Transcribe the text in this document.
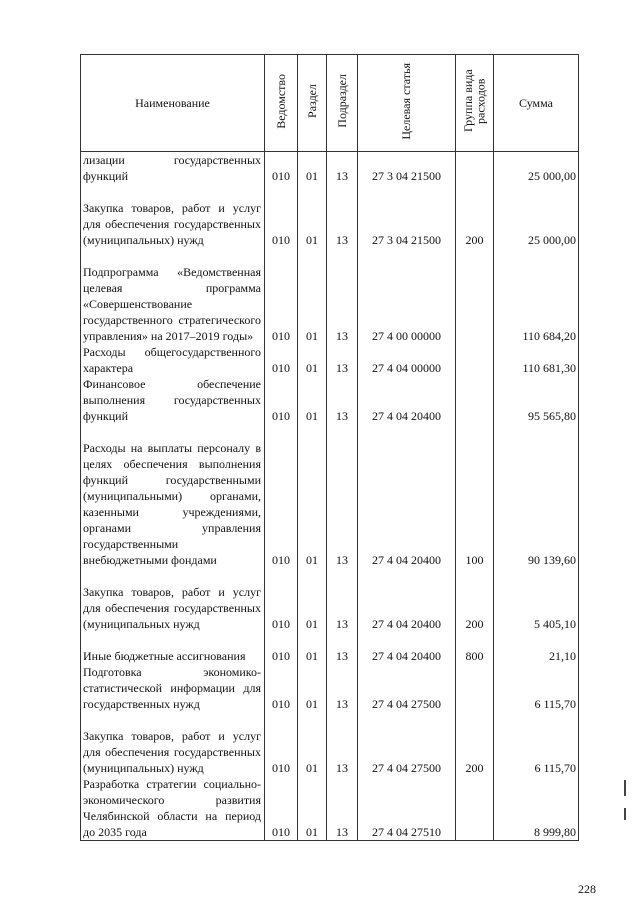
Наименование	Ведомство	Раздел	Подраздел	Целевая статья	Группа вида расходов	Сумма
лизации государственных функций	010	01	13	27 3 04 21500		25 000,00
Закупка товаров, работ и услуг для обеспечения государственных (муниципальных) нужд	010	01	13	27 3 04 21500	200	25 000,00
Подпрограмма «Ведомственная целевая программа «Совершенствование государственного стратегического управления» на 2017–2019 годы»	010	01	13	27 4 00 00000		110 684,20
Расходы общегосударственного характера	010	01	13	27 4 04 00000		110 681,30
Финансовое обеспечение выполнения государственных функций	010	01	13	27 4 04 20400		95 565,80
Расходы на выплаты персоналу в целях обеспечения выполнения функций государственными (муниципальными) органами, казенными учреждениями, органами управления государственными внебюджетными фондами	010	01	13	27 4 04 20400	100	90 139,60
Закупка товаров, работ и услуг для обеспечения государственных (муниципальных нужд	010	01	13	27 4 04 20400	200	5 405,10
Иные бюджетные ассигнования	010	01	13	27 4 04 20400	800	21,10
Подготовка экономико-статистической информации для государственных нужд	010	01	13	27 4 04 27500		6 115,70
Закупка товаров, работ и услуг для обеспечения государственных (муниципальных) нужд	010	01	13	27 4 04 27500	200	6 115,70
Разработка стратегии социально-экономического развития Челябинской области на период до 2035 года	010	01	13	27 4 04 27510		8 999,80
228
